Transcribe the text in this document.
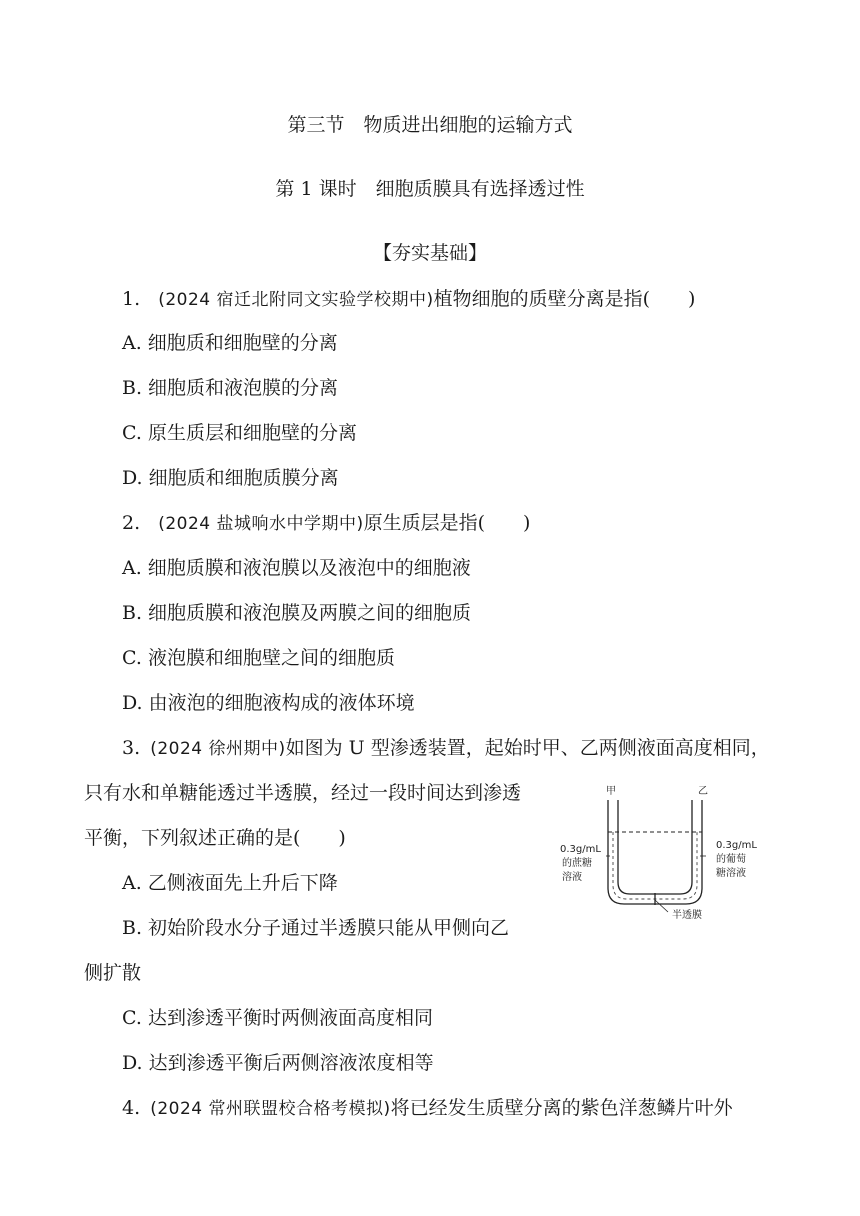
第三节　物质进出细胞的运输方式
第 1 课时　细胞质膜具有选择透过性
【夯实基础】
1. (2024 宿迁北附同文实验学校期中)植物细胞的质壁分离是指(　　)
A. 细胞质和细胞壁的分离
B. 细胞质和液泡膜的分离
C. 原生质层和细胞壁的分离
D. 细胞质和细胞质膜分离
2. (2024 盐城响水中学期中)原生质层是指(　　)
A. 细胞质膜和液泡膜以及液泡中的细胞液
B. 细胞质膜和液泡膜及两膜之间的细胞质
C. 液泡膜和细胞壁之间的细胞质
D. 由液泡的细胞液构成的液体环境
3. (2024 徐州期中)如图为 U 型渗透装置，起始时甲、乙两侧液面高度相同，
只有水和单糖能透过半透膜，经过一段时间达到渗透
平衡，下列叙述正确的是(　　)
A. 乙侧液面先上升后下降
B. 初始阶段水分子通过半透膜只能从甲侧向乙
侧扩散
C. 达到渗透平衡时两侧液面高度相同
D. 达到渗透平衡后两侧溶液浓度相等
甲	乙
0.3g/mL
的蔗糖
溶液
0.3g/mL
的葡萄
糖溶液
半透膜
4. (2024 常州联盟校合格考模拟)将已经发生质壁分离的紫色洋葱鳞片叶外
